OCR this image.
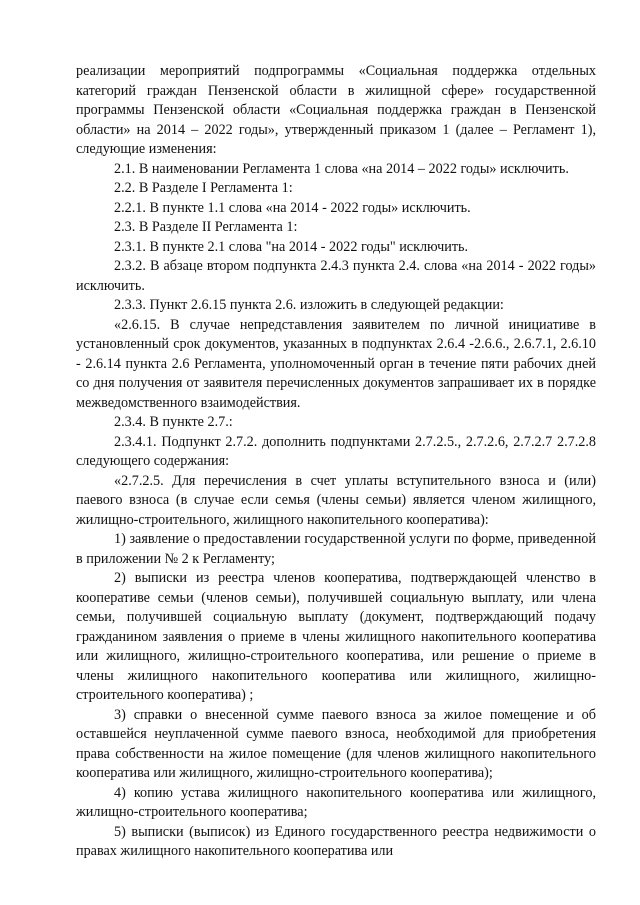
реализации мероприятий подпрограммы «Социальная поддержка отдельных категорий граждан Пензенской области в жилищной сфере» государственной программы Пензенской области «Социальная поддержка граждан в Пензенской области» на 2014 – 2022 годы», утвержденный приказом 1 (далее – Регламент 1), следующие изменения:

2.1. В наименовании Регламента 1 слова «на 2014 – 2022 годы» исключить.

2.2. В Разделе I Регламента 1:

2.2.1. В пункте 1.1 слова «на 2014 - 2022 годы» исключить.

2.3. В Разделе II Регламента 1:

2.3.1. В пункте 2.1 слова "на 2014 - 2022 годы" исключить.

2.3.2. В абзаце втором подпункта 2.4.3 пункта 2.4. слова «на 2014 - 2022 годы» исключить.

2.3.3. Пункт 2.6.15 пункта 2.6. изложить в следующей редакции:

«2.6.15. В случае непредставления заявителем по личной инициативе в установленный срок документов, указанных в подпунктах 2.6.4 -2.6.6., 2.6.7.1, 2.6.10 - 2.6.14 пункта 2.6 Регламента, уполномоченный орган в течение пяти рабочих дней со дня получения от заявителя перечисленных документов запрашивает их в порядке межведомственного взаимодействия.

2.3.4. В пункте 2.7.:

2.3.4.1. Подпункт 2.7.2. дополнить подпунктами 2.7.2.5., 2.7.2.6, 2.7.2.7 2.7.2.8 следующего содержания:

«2.7.2.5. Для перечисления в счет уплаты вступительного взноса и (или) паевого взноса (в случае если семья (члены семьи) является членом жилищного, жилищно-строительного, жилищного накопительного кооператива):

1) заявление о предоставлении государственной услуги по форме, приведенной в приложении № 2 к Регламенту;

2) выписки из реестра членов кооператива, подтверждающей членство в кооперативе семьи (членов семьи), получившей социальную выплату, или члена семьи, получившей социальную выплату (документ, подтверждающий подачу гражданином заявления о приеме в члены жилищного накопительного кооператива или жилищного, жилищно-строительного кооператива, или решение о приеме в члены жилищного накопительного кооператива или жилищного, жилищно-строительного кооператива) ;

3) справки о внесенной сумме паевого взноса за жилое помещение и об оставшейся неуплаченной сумме паевого взноса, необходимой для приобретения права собственности на жилое помещение (для членов жилищного накопительного кооператива или жилищного, жилищно-строительного кооператива);

4) копию устава жилищного накопительного кооператива или жилищного, жилищно-строительного кооператива;

5) выписки (выписок) из Единого государственного реестра недвижимости о правах жилищного накопительного кооператива или
